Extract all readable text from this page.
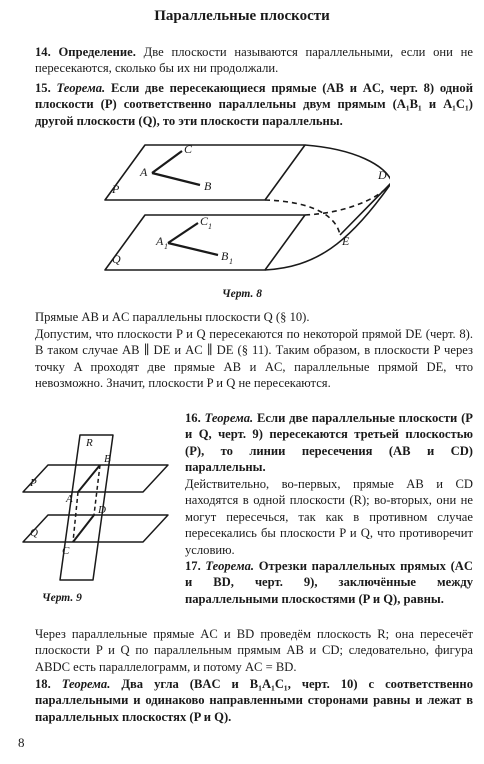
Параллельные плоскости
14. Определение. Две плоскости называются параллельными, если они не пересекаются, сколько бы их ни продолжали.
15. Теорема. Если две пересекающиеся прямые (AB и AC, черт. 8) одной плоскости (P) соответственно параллельны двум прямым (A₁B₁ и A₁C₁) другой плоскости (Q), то эти плоскости параллельны.
P
Q
A
B
C
A 1
B 1
C 1
D
E
Черт. 8
Прямые AB и AC параллельны плоскости Q (§ 10).
Допустим, что плоскости P и Q пересекаются по некоторой прямой DE (черт. 8). В таком случае AB ∥ DE и AC ∥ DE (§ 11). Таким образом, в плоскости P через точку A проходят две прямые AB и AC, параллельные прямой DE, что невозможно. Значит, плоскости P и Q не пересекаются.
R
P
Q
A
B
C
D
Черт. 9
16. Теорема. Если две параллельные плоскости (P и Q, черт. 9) пересекаются третьей плоскостью (P), то линии пересечения (AB и CD) параллельны.
Действительно, во-первых, прямые AB и CD находятся в одной плоскости (R); во-вторых, они не могут пересечься, так как в противном случае пересекались бы плоскости P и Q, что противоречит условию.
17. Теорема. Отрезки параллельных прямых (AC и BD, черт. 9), заключённые между параллельными плоскостями (P и Q), равны.
Через параллельные прямые AC и BD проведём плоскость R; она пересечёт плоскости P и Q по параллельным прямым AB и CD; следовательно, фигура ABDC есть параллелограмм, и потому AC = BD.
18. Теорема. Два угла (BAC и B₁A₁C₁, черт. 10) с соответственно параллельными и одинаково направленными сторонами равны и лежат в параллельных плоскостях (P и Q).
8
